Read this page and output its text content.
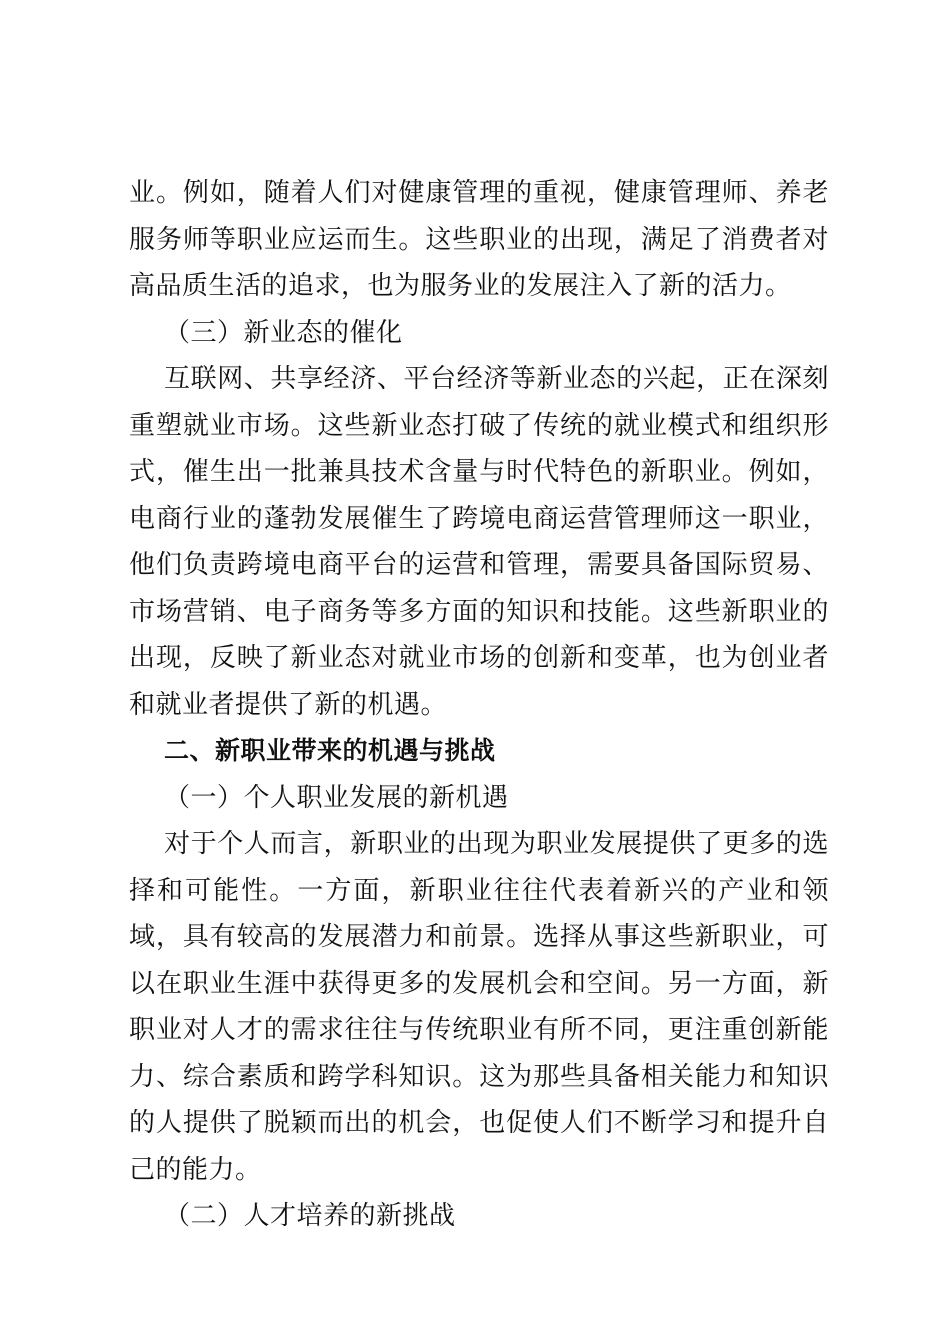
业。例如，随着人们对健康管理的重视，健康管理师、养老服务师等职业应运而生。这些职业的出现，满足了消费者对高品质生活的追求，也为服务业的发展注入了新的活力。

（三）新业态的催化

互联网、共享经济、平台经济等新业态的兴起，正在深刻重塑就业市场。这些新业态打破了传统的就业模式和组织形式，催生出一批兼具技术含量与时代特色的新职业。例如，电商行业的蓬勃发展催生了跨境电商运营管理师这一职业，他们负责跨境电商平台的运营和管理，需要具备国际贸易、市场营销、电子商务等多方面的知识和技能。这些新职业的出现，反映了新业态对就业市场的创新和变革，也为创业者和就业者提供了新的机遇。

二、新职业带来的机遇与挑战

（一）个人职业发展的新机遇

对于个人而言，新职业的出现为职业发展提供了更多的选择和可能性。一方面，新职业往往代表着新兴的产业和领域，具有较高的发展潜力和前景。选择从事这些新职业，可以在职业生涯中获得更多的发展机会和空间。另一方面，新职业对人才的需求往往与传统职业有所不同，更注重创新能力、综合素质和跨学科知识。这为那些具备相关能力和知识的人提供了脱颖而出的机会，也促使人们不断学习和提升自己的能力。

（二）人才培养的新挑战
